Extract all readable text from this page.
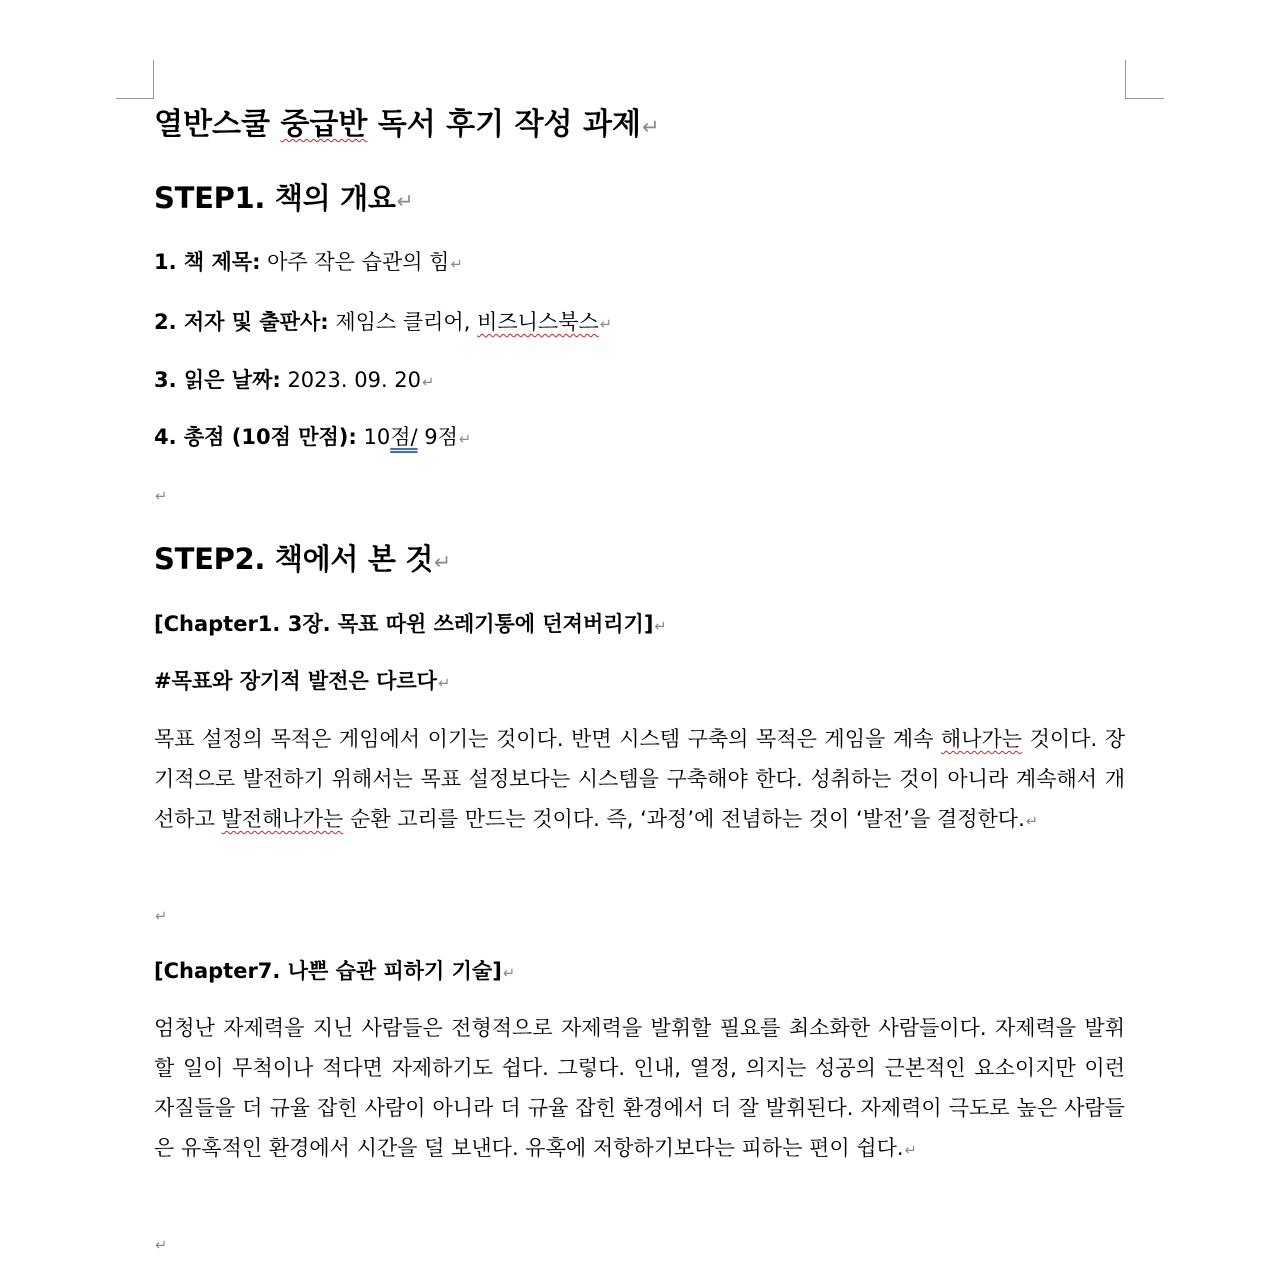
열반스쿨 중급반 독서 후기 작성 과제↵
STEP1. 책의 개요↵
1. 책 제목: 아주 작은 습관의 힘↵
2. 저자 및 출판사: 제임스 클리어, 비즈니스북스↵
3. 읽은 날짜: 2023. 09. 20↵
4. 총점 (10점 만점): 10점/ 9점↵
↵
STEP2. 책에서 본 것↵
[Chapter1. 3장. 목표 따윈 쓰레기통에 던져버리기]↵
#목표와 장기적 발전은 다르다↵
목표 설정의 목적은 게임에서 이기는 것이다. 반면 시스템 구축의 목적은 게임을 계속 해나가는 것이다. 장기적으로 발전하기 위해서는 목표 설정보다는 시스템을 구축해야 한다. 성취하는 것이 아니라 계속해서 개선하고 발전해나가는 순환 고리를 만드는 것이다. 즉, ‘과정’에 전념하는 것이 ‘발전’을 결정한다.↵
↵
[Chapter7. 나쁜 습관 피하기 기술]↵
엄청난 자제력을 지닌 사람들은 전형적으로 자제력을 발휘할 필요를 최소화한 사람들이다. 자제력을 발휘할 일이 무척이나 적다면 자제하기도 쉽다. 그렇다. 인내, 열정, 의지는 성공의 근본적인 요소이지만 이런 자질들을 더 규율 잡힌 사람이 아니라 더 규율 잡힌 환경에서 더 잘 발휘된다. 자제력이 극도로 높은 사람들은 유혹적인 환경에서 시간을 덜 보낸다. 유혹에 저항하기보다는 피하는 편이 쉽다.↵
↵
